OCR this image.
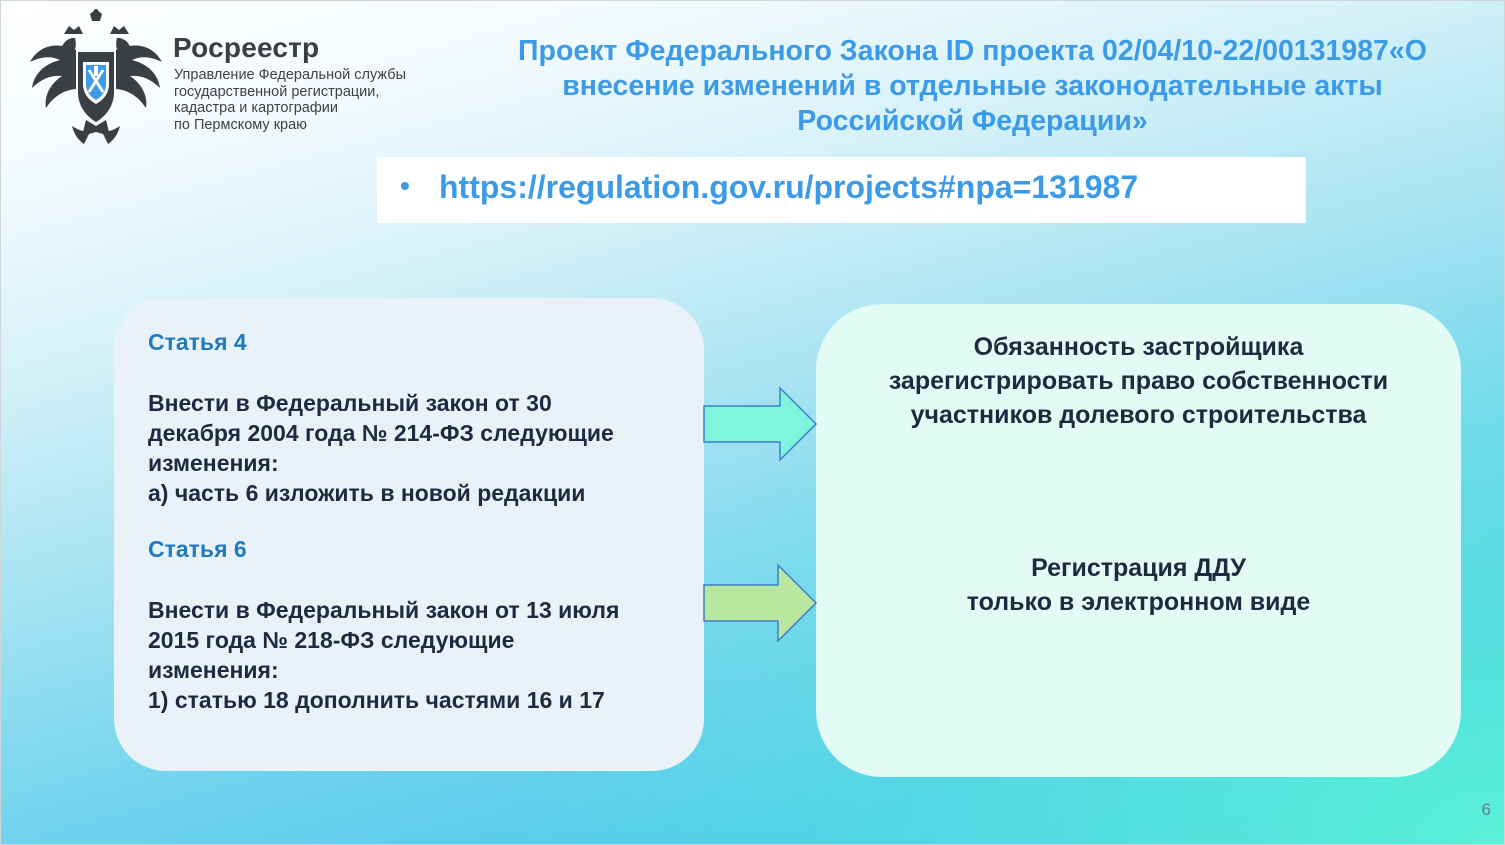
Росреестр
Управление Федеральной службы
государственной регистрации,
кадастра и картографии
по Пермскому краю
Проект Федерального Закона ID проекта 02/04/10-22/00131987«О
внесение изменений в отдельные законодательные акты
Российской Федерации»
• https://regulation.gov.ru/projects#npa=131987
Статья 4
Внести в Федеральный закон от 30
декабря 2004 года № 214-ФЗ следующие
изменения:
а) часть 6 изложить в новой редакции
Статья 6
Внести в Федеральный закон от 13 июля
2015 года № 218-ФЗ следующие
изменения:
1) статью 18 дополнить частями 16 и 17
Обязанность застройщика
зарегистрировать право собственности
участников долевого строительства
Регистрация ДДУ
только в электронном виде
6
